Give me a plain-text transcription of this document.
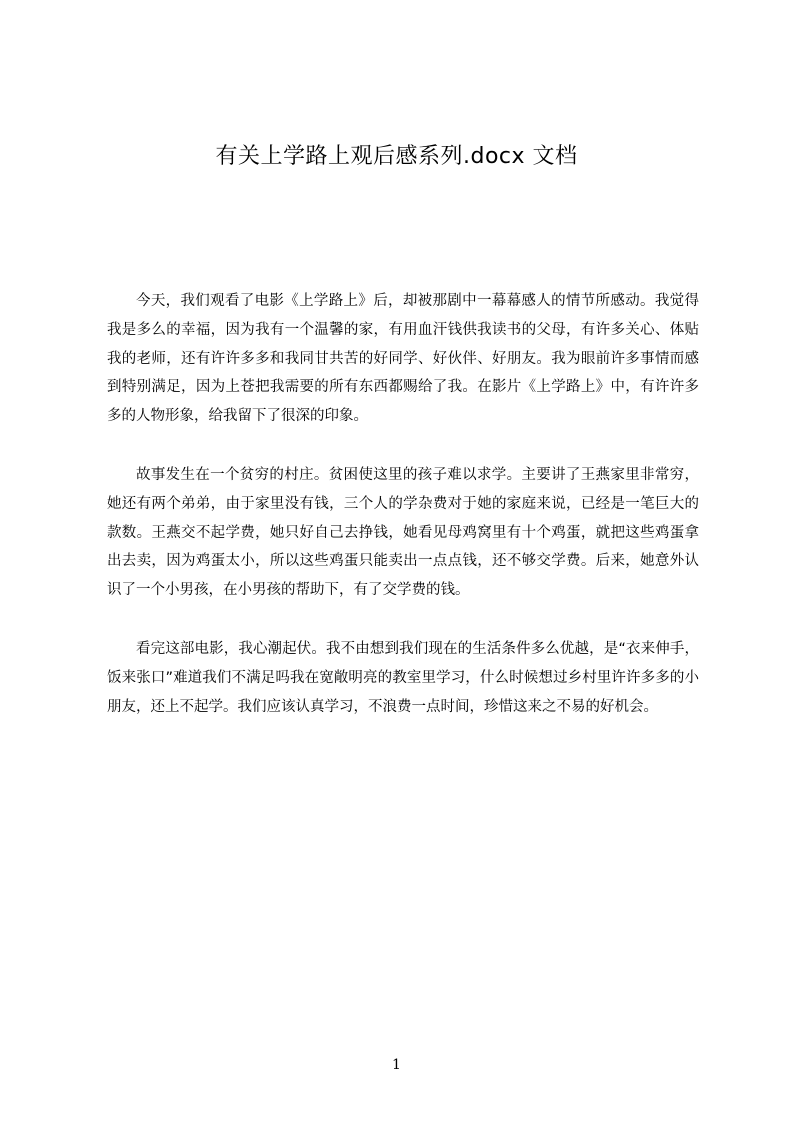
有关上学路上观后感系列.docx 文档

今天，我们观看了电影《上学路上》后，却被那剧中一幕幕感人的情节所感动。我觉得我是多么的幸福，因为我有一个温馨的家，有用血汗钱供我读书的父母，有许多关心、体贴我的老师，还有许许多多和我同甘共苦的好同学、好伙伴、好朋友。我为眼前许多事情而感到特别满足，因为上苍把我需要的所有东西都赐给了我。在影片《上学路上》中，有许许多多的人物形象，给我留下了很深的印象。

故事发生在一个贫穷的村庄。贫困使这里的孩子难以求学。主要讲了王燕家里非常穷，她还有两个弟弟，由于家里没有钱，三个人的学杂费对于她的家庭来说，已经是一笔巨大的款数。王燕交不起学费，她只好自己去挣钱，她看见母鸡窝里有十个鸡蛋，就把这些鸡蛋拿出去卖，因为鸡蛋太小，所以这些鸡蛋只能卖出一点点钱，还不够交学费。后来，她意外认识了一个小男孩，在小男孩的帮助下，有了交学费的钱。

看完这部电影，我心潮起伏。我不由想到我们现在的生活条件多么优越，是“衣来伸手，饭来张口”难道我们不满足吗我在宽敞明亮的教室里学习，什么时候想过乡村里许许多多的小朋友，还上不起学。我们应该认真学习，不浪费一点时间，珍惜这来之不易的好机会。

1
